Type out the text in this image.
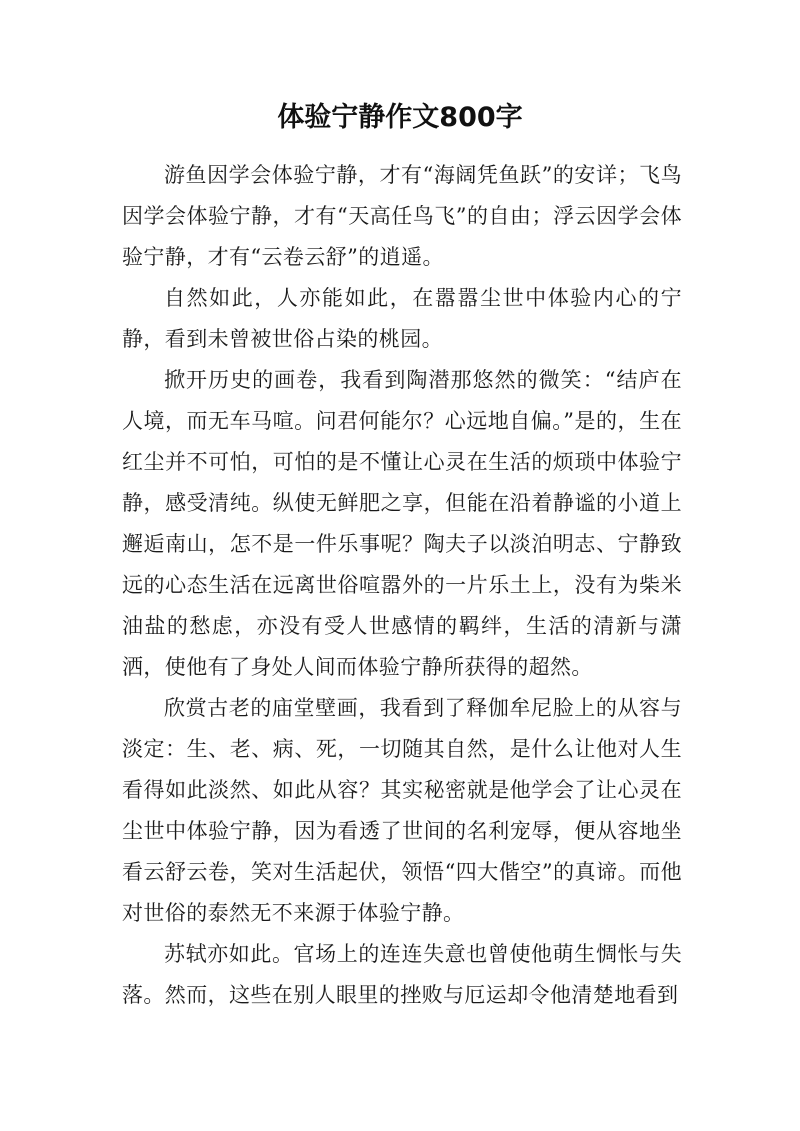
体验宁静作文800字

游鱼因学会体验宁静，才有“海阔凭鱼跃”的安详；飞鸟因学会体验宁静，才有“天高任鸟飞”的自由；浮云因学会体验宁静，才有“云卷云舒”的逍遥。

自然如此，人亦能如此，在嚣嚣尘世中体验内心的宁静，看到未曾被世俗占染的桃园。

掀开历史的画卷，我看到陶潜那悠然的微笑：“结庐在人境，而无车马喧。问君何能尔？心远地自偏。”是的，生在红尘并不可怕，可怕的是不懂让心灵在生活的烦琐中体验宁静，感受清纯。纵使无鲜肥之享，但能在沿着静谧的小道上邂逅南山，怎不是一件乐事呢？陶夫子以淡泊明志、宁静致远的心态生活在远离世俗喧嚣外的一片乐土上，没有为柴米油盐的愁虑，亦没有受人世感情的羁绊，生活的清新与潇洒，使他有了身处人间而体验宁静所获得的超然。

欣赏古老的庙堂壁画，我看到了释伽牟尼脸上的从容与淡定：生、老、病、死，一切随其自然，是什么让他对人生看得如此淡然、如此从容？其实秘密就是他学会了让心灵在尘世中体验宁静，因为看透了世间的名利宠辱，便从容地坐看云舒云卷，笑对生活起伏，领悟“四大偕空”的真谛。而他对世俗的泰然无不来源于体验宁静。

苏轼亦如此。官场上的连连失意也曾使他萌生惆怅与失落。然而，这些在别人眼里的挫败与厄运却令他清楚地看到
